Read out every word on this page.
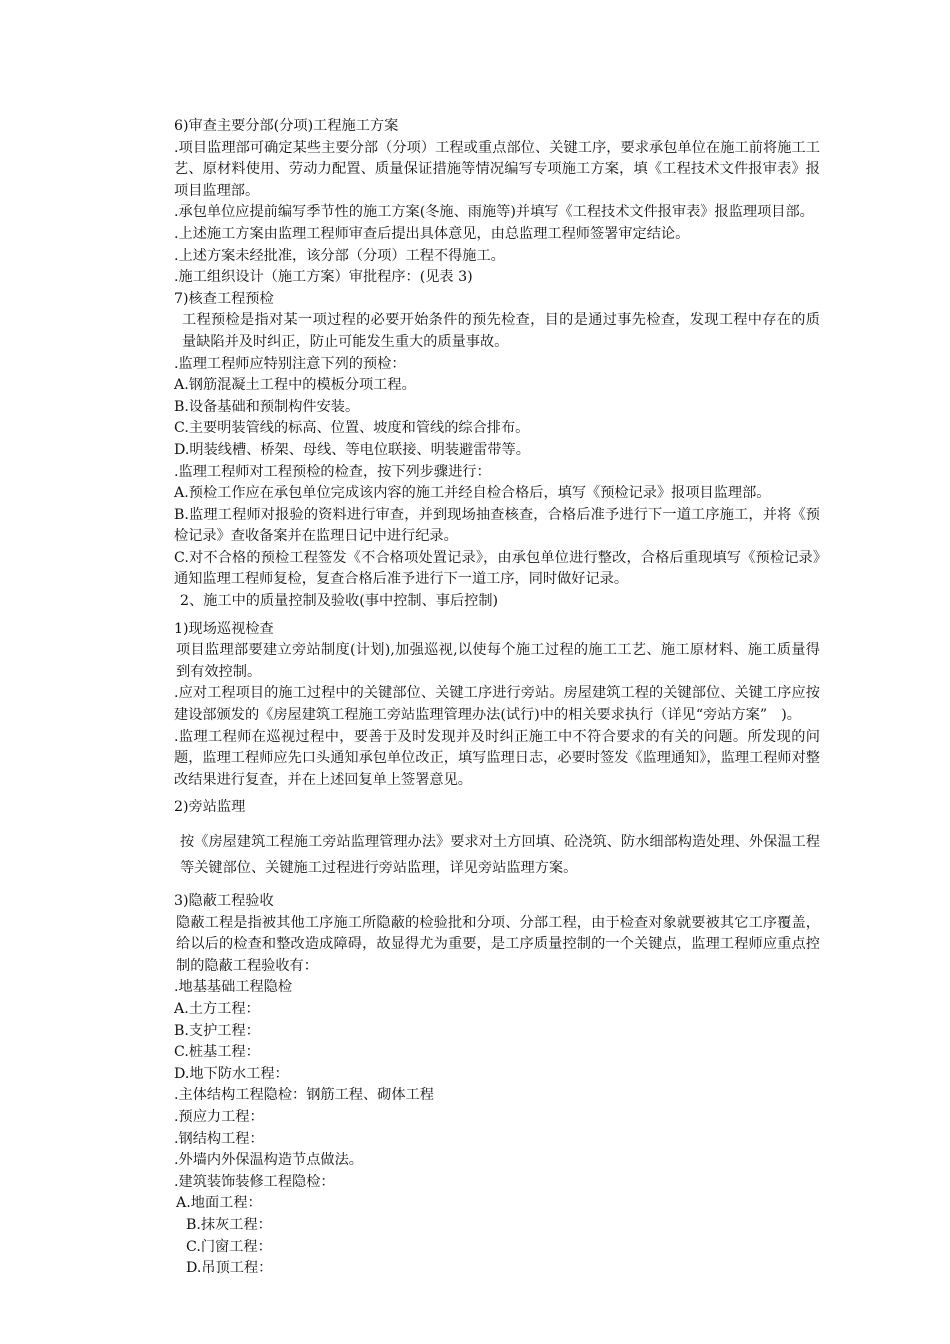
6)审查主要分部(分项)工程施工方案

.项目监理部可确定某些主要分部（分项）工程或重点部位、关键工序，要求承包单位在施工前将施工工艺、原材料使用、劳动力配置、质量保证措施等情况编写专项施工方案，填《工程技术文件报审表》报项目监理部。

.承包单位应提前编写季节性的施工方案(冬施、雨施等)并填写《工程技术文件报审表》报监理项目部。

.上述施工方案由监理工程师审查后提出具体意见，由总监理工程师签署审定结论。

.上述方案未经批准，该分部（分项）工程不得施工。

.施工组织设计（施工方案）审批程序：(见表 3)

7)核查工程预检

工程预检是指对某一项过程的必要开始条件的预先检查，目的是通过事先检查，发现工程中存在的质量缺陷并及时纠正，防止可能发生重大的质量事故。

.监理工程师应特别注意下列的预检：

A.钢筋混凝土工程中的模板分项工程。

B.设备基础和预制构件安装。

C.主要明装管线的标高、位置、坡度和管线的综合排布。

D.明装线槽、桥架、母线、等电位联接、明装避雷带等。

.监理工程师对工程预检的检查，按下列步骤进行：

A.预检工作应在承包单位完成该内容的施工并经自检合格后，填写《预检记录》报项目监理部。

B.监理工程师对报验的资料进行审查，并到现场抽查核查，合格后准予进行下一道工序施工，并将《预检记录》查收备案并在监理日记中进行纪录。

C.对不合格的预检工程签发《不合格项处置记录》，由承包单位进行整改，合格后重现填写《预检记录》通知监理工程师复检，复查合格后准予进行下一道工序，同时做好记录。

2、施工中的质量控制及验收(事中控制、事后控制)

1)现场巡视检查

项目监理部要建立旁站制度(计划),加强巡视,以使每个施工过程的施工工艺、施工原材料、施工质量得到有效控制。

.应对工程项目的施工过程中的关键部位、关键工序进行旁站。房屋建筑工程的关键部位、关键工序应按建设部颁发的《房屋建筑工程施工旁站监理管理办法(试行)中的相关要求执行（详见“旁站方案”　)。

.监理工程师在巡视过程中，要善于及时发现并及时纠正施工中不符合要求的有关的问题。所发现的问题，监理工程师应先口头通知承包单位改正，填写监理日志，必要时签发《监理通知》，监理工程师对整改结果进行复查，并在上述回复单上签署意见。

2)旁站监理

按《房屋建筑工程施工旁站监理管理办法》要求对土方回填、砼浇筑、防水细部构造处理、外保温工程等关键部位、关键施工过程进行旁站监理，详见旁站监理方案。

3)隐蔽工程验收

隐蔽工程是指被其他工序施工所隐蔽的检验批和分项、分部工程，由于检查对象就要被其它工序覆盖，给以后的检查和整改造成障碍，故显得尤为重要，是工序质量控制的一个关键点，监理工程师应重点控制的隐蔽工程验收有：

.地基基础工程隐检

A.土方工程：

B.支护工程：

C.桩基工程：

D.地下防水工程：

.主体结构工程隐检：钢筋工程、砌体工程

.预应力工程：

.钢结构工程：

.外墙内外保温构造节点做法。

.建筑装饰装修工程隐检：

A.地面工程：

B.抹灰工程：

C.门窗工程：

D.吊顶工程：
